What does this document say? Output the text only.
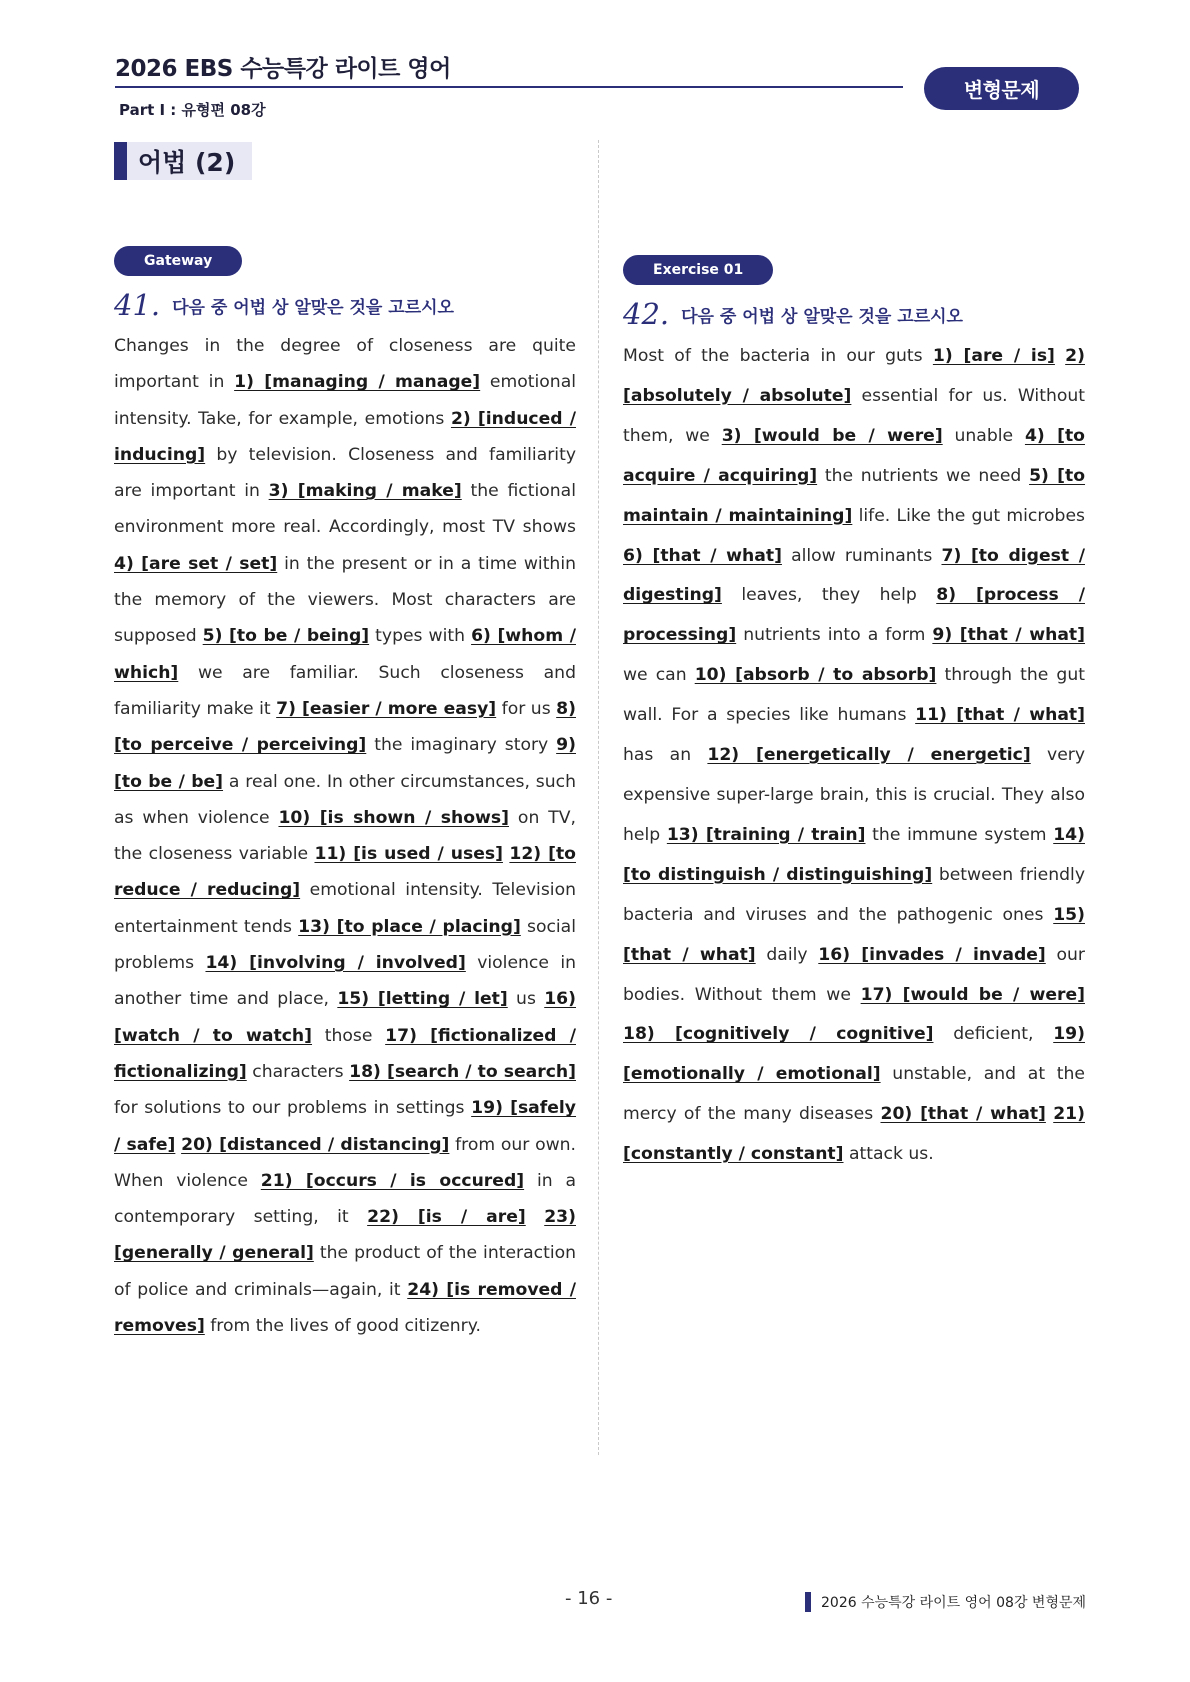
2026 EBS 수능특강 라이트 영어
Part Ⅰ : 유형편 08강
변형문제
어법 (2)
Gateway
41. 다음 중 어법 상 알맞은 것을 고르시오
Changes in the degree of closeness are quite important in 1) [managing / manage] emotional intensity. Take, for example, emotions 2) [induced / inducing] by television. Closeness and familiarity are important in 3) [making / make] the fictional environment more real. Accordingly, most TV shows 4) [are set / set] in the present or in a time within the memory of the viewers. Most characters are supposed 5) [to be / being] types with 6) [whom / which] we are familiar. Such closeness and familiarity make it 7) [easier / more easy] for us 8) [to perceive / perceiving] the imaginary story 9) [to be / be] a real one. In other circumstances, such as when violence 10) [is shown / shows] on TV, the closeness variable 11) [is used / uses] 12) [to reduce / reducing] emotional intensity. Television entertainment tends 13) [to place / placing] social problems 14) [involving / involved] violence in another time and place, 15) [letting / let] us 16) [watch / to watch] those 17) [fictionalized / fictionalizing] characters 18) [search / to search] for solutions to our problems in settings 19) [safely / safe] 20) [distanced / distancing] from our own. When violence 21) [occurs / is occured] in a contemporary setting, it 22) [is / are] 23) [generally / general] the product of the interaction of police and criminals—again, it 24) [is removed / removes] from the lives of good citizenry.
Exercise 01
42. 다음 중 어법 상 알맞은 것을 고르시오
Most of the bacteria in our guts 1) [are / is] 2) [absolutely / absolute] essential for us. Without them, we 3) [would be / were] unable 4) [to acquire / acquiring] the nutrients we need 5) [to maintain / maintaining] life. Like the gut microbes 6) [that / what] allow ruminants 7) [to digest / digesting] leaves, they help 8) [process / processing] nutrients into a form 9) [that / what] we can 10) [absorb / to absorb] through the gut wall. For a species like humans 11) [that / what] has an 12) [energetically / energetic] very expensive super-large brain, this is crucial. They also help 13) [training / train] the immune system 14) [to distinguish / distinguishing] between friendly bacteria and viruses and the pathogenic ones 15) [that / what] daily 16) [invades / invade] our bodies. Without them we 17) [would be / were] 18) [cognitively / cognitive] deficient, 19) [emotionally / emotional] unstable, and at the mercy of the many diseases 20) [that / what] 21) [constantly / constant] attack us.
- 16 -	2026 수능특강 라이트 영어 08강 변형문제
